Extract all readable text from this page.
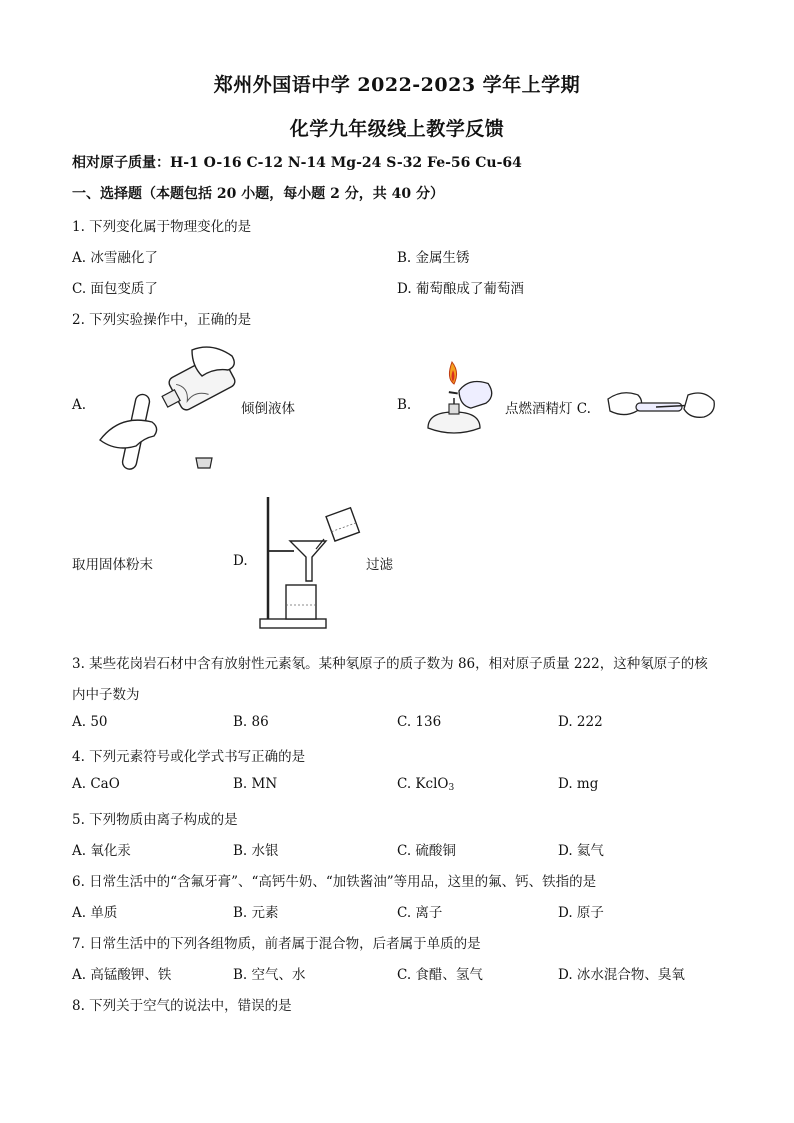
郑州外国语中学 2022-2023 学年上学期
化学九年级线上教学反馈
相对原子质量：H-1 O-16 C-12 N-14 Mg-24 S-32 Fe-56 Cu-64
一、选择题（本题包括 20 小题，每小题 2 分，共 40 分）
1. 下列变化属于物理变化的是
A. 冰雪融化了	B. 金属生锈
C. 面包变质了	D. 葡萄酿成了葡萄酒
2. 下列实验操作中，正确的是
A.	倾倒液体	B.	点燃酒精灯 C.
取用固体粉末	D.	过滤
3. 某些花岗岩石材中含有放射性元素氡。某种氡原子的质子数为 86，相对原子质量 222，这种氡原子的核
内中子数为
A. 50	B. 86	C. 136	D. 222
4. 下列元素符号或化学式书写正确的是
A. CaO	B. MN	C. KclO$_3$	D. mg
5. 下列物质由离子构成的是
A. 氧化汞	B. 水银	C. 硫酸铜	D. 氦气
6. 日常生活中的“含氟牙膏”、“高钙牛奶、“加铁酱油”等用品，这里的氟、钙、铁指的是
A. 单质	B. 元素	C. 离子	D. 原子
7. 日常生活中的下列各组物质，前者属于混合物，后者属于单质的是
A. 高锰酸钾、铁	B. 空气、水	C. 食醋、氢气	D. 冰水混合物、臭氧
8. 下列关于空气的说法中，错误的是
